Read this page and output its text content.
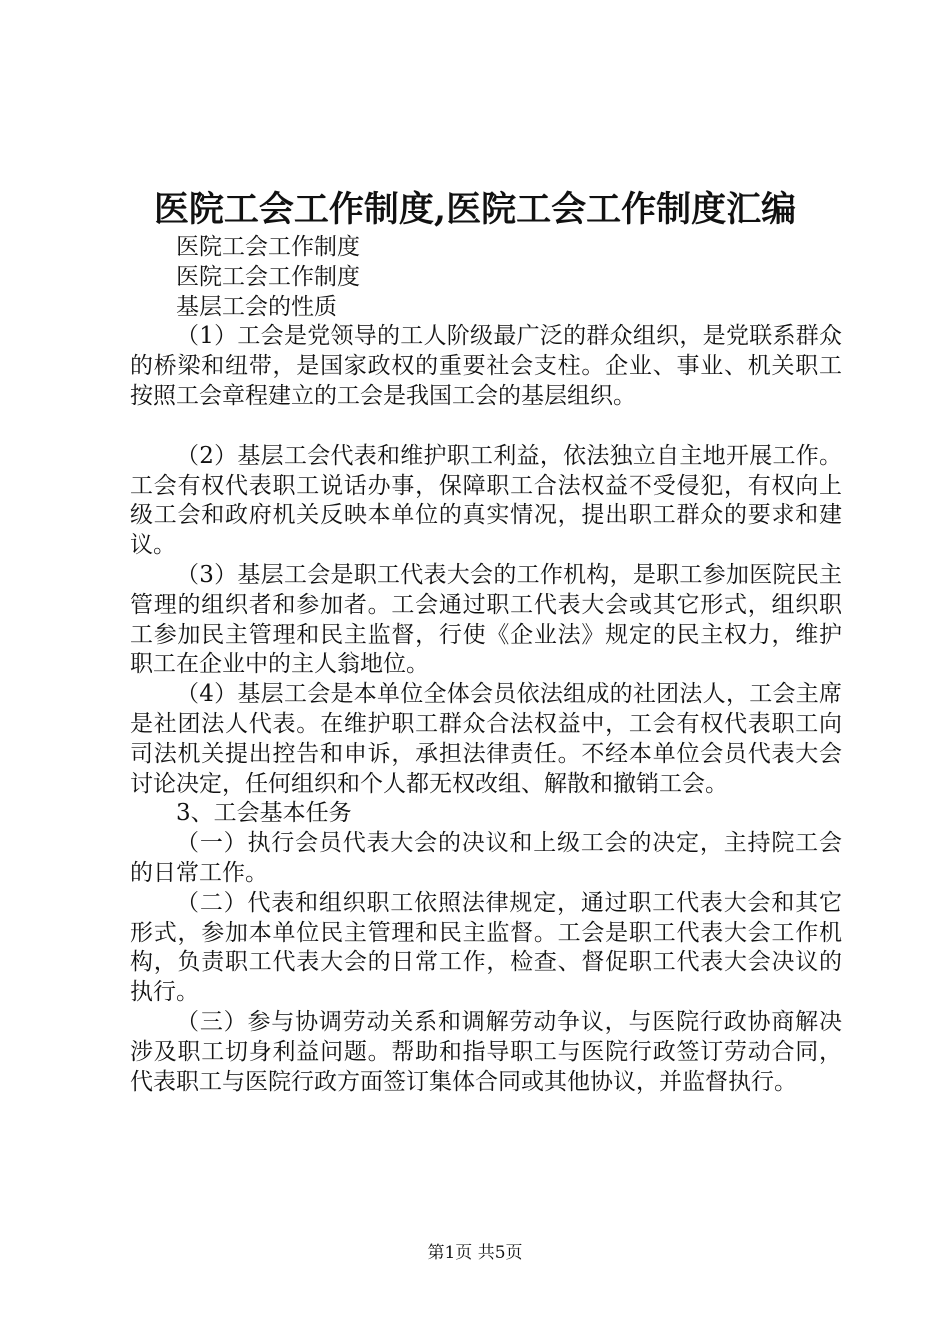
医院工会工作制度,医院工会工作制度汇编

医院工会工作制度

医院工会工作制度

基层工会的性质

（1）工会是党领导的工人阶级最广泛的群众组织，是党联系群众的桥梁和纽带，是国家政权的重要社会支柱。企业、事业、机关职工按照工会章程建立的工会是我国工会的基层组织。

（2）基层工会代表和维护职工利益，依法独立自主地开展工作。工会有权代表职工说话办事，保障职工合法权益不受侵犯，有权向上级工会和政府机关反映本单位的真实情况，提出职工群众的要求和建议。

（3）基层工会是职工代表大会的工作机构，是职工参加医院民主管理的组织者和参加者。工会通过职工代表大会或其它形式，组织职工参加民主管理和民主监督，行使《企业法》规定的民主权力，维护职工在企业中的主人翁地位。

（4）基层工会是本单位全体会员依法组成的社团法人，工会主席是社团法人代表。在维护职工群众合法权益中，工会有权代表职工向司法机关提出控告和申诉，承担法律责任。不经本单位会员代表大会讨论决定，任何组织和个人都无权改组、解散和撤销工会。

3、工会基本任务

（一）执行会员代表大会的决议和上级工会的决定，主持院工会的日常工作。

（二）代表和组织职工依照法律规定，通过职工代表大会和其它形式，参加本单位民主管理和民主监督。工会是职工代表大会工作机构，负责职工代表大会的日常工作，检查、督促职工代表大会决议的执行。

（三）参与协调劳动关系和调解劳动争议，与医院行政协商解决涉及职工切身利益问题。帮助和指导职工与医院行政签订劳动合同，代表职工与医院行政方面签订集体合同或其他协议，并监督执行。

第1页 共5页
